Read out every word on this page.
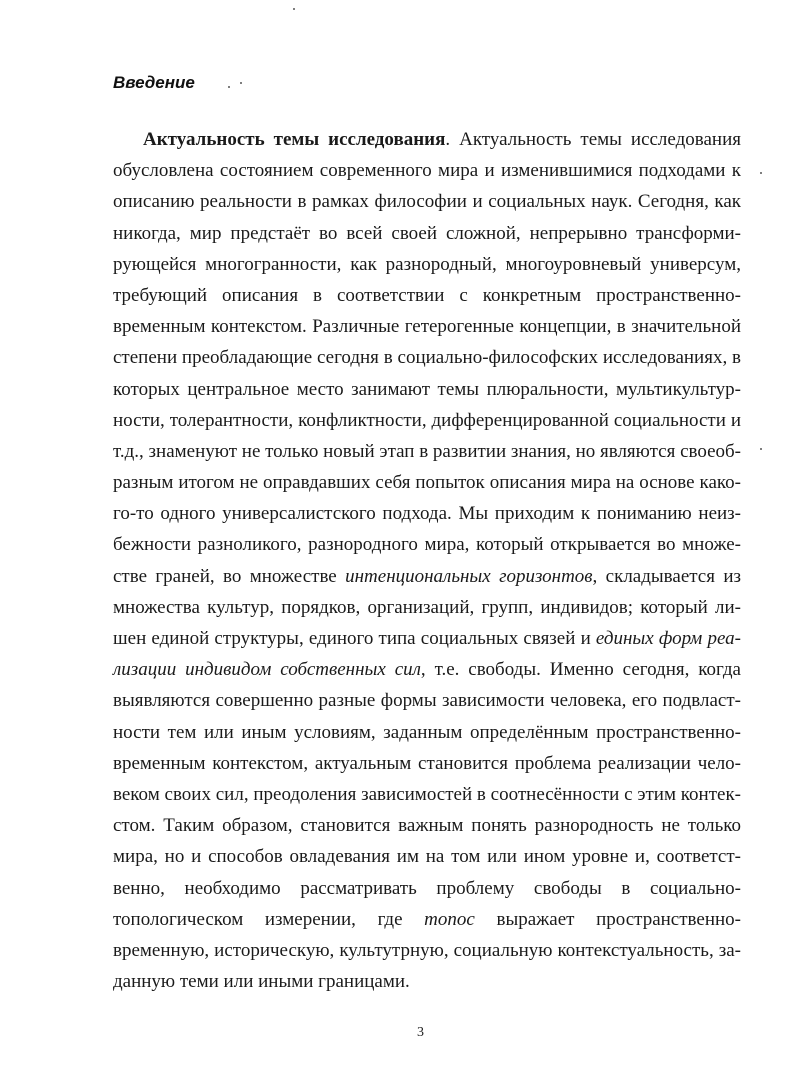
Введение
Актуальность темы исследования. Актуальность темы исследования
обусловлена состоянием современного мира и изменившимися подходами к
описанию реальности в рамках философии и социальных наук. Сегодня, как
никогда, мир предстаёт во всей своей сложной, непрерывно трансформи-
рующейся многогранности, как разнородный, многоуровневый универсум,
требующий описания в соответствии с конкретным пространственно-
временным контекстом. Различные гетерогенные концепции, в значительной
степени преобладающие сегодня в социально-философских исследованиях, в
которых центральное место занимают темы плюральности, мультикультур-
ности, толерантности, конфликтности, дифференцированной социальности и
т.д., знаменуют не только новый этап в развитии знания, но являются своеоб-
разным итогом не оправдавших себя попыток описания мира на основе како-
го-то одного универсалистского подхода. Мы приходим к пониманию неиз-
бежности разноликого, разнородного мира, который открывается во множе-
стве граней, во множестве интенциональных горизонтов, складывается из
множества культур, порядков, организаций, групп, индивидов; который ли-
шен единой структуры, единого типа социальных связей и единых форм реа-
лизации индивидом собственных сил, т.е. свободы. Именно сегодня, когда
выявляются совершенно разные формы зависимости человека, его подвласт-
ности тем или иным условиям, заданным определённым пространственно-
временным контекстом, актуальным становится проблема реализации чело-
веком своих сил, преодоления зависимостей в соотнесённости с этим контек-
стом. Таким образом, становится важным понять разнородность не только
мира, но и способов овладевания им на том или ином уровне и, соответст-
венно, необходимо рассматривать проблему свободы в социально-
топологическом измерении, где топос выражает пространственно-
временную, историческую, культутрную, социальную контекстуальность, за-
данную теми или иными границами.
3
